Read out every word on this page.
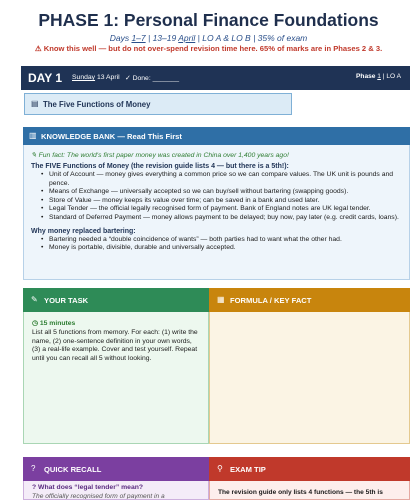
PHASE 1: Personal Finance Foundations
Days 1–7 | 13–19 April | LO A & LO B | 35% of exam
⚠ Know this well — but do not over-spend revision time here. 65% of marks are in Phases 2 & 3.
DAY 1 Sunday 13 April ✓ Done: _______	Phase 1 | LO A
▤ The Five Functions of Money
▥ KNOWLEDGE BANK — Read This First
✎ Fun fact: The world's first paper money was created in China over 1,400 years ago!
The FIVE Functions of Money (the revision guide lists 4 — but there is a 5th!):
• Unit of Account — money gives everything a common price so we can compare values. The UK unit is pounds and pence.
• Means of Exchange — universally accepted so we can buy/sell without bartering (swapping goods).
• Store of Value — money keeps its value over time; can be saved in a bank and used later.
• Legal Tender — the official legally recognised form of payment. Bank of England notes are UK legal tender.
• Standard of Deferred Payment — money allows payment to be delayed; buy now, pay later (e.g. credit cards, loans).
Why money replaced bartering:
• Bartering needed a “double coincidence of wants” — both parties had to want what the other had.
• Money is portable, divisible, durable and universally accepted.
✎ YOUR TASK	▦ FORMULA / KEY FACT
◷ 15 minutes
List all 5 functions from memory. For each: (1) write the name, (2) one-sentence definition in your own words, (3) a real-life example. Cover and test yourself. Repeat until you can recall all 5 without looking.
? QUICK RECALL	⚲ EXAM TIP
? What does “legal tender” mean?
The officially recognised form of payment in a
The revision guide only lists 4 functions — the 5th is
